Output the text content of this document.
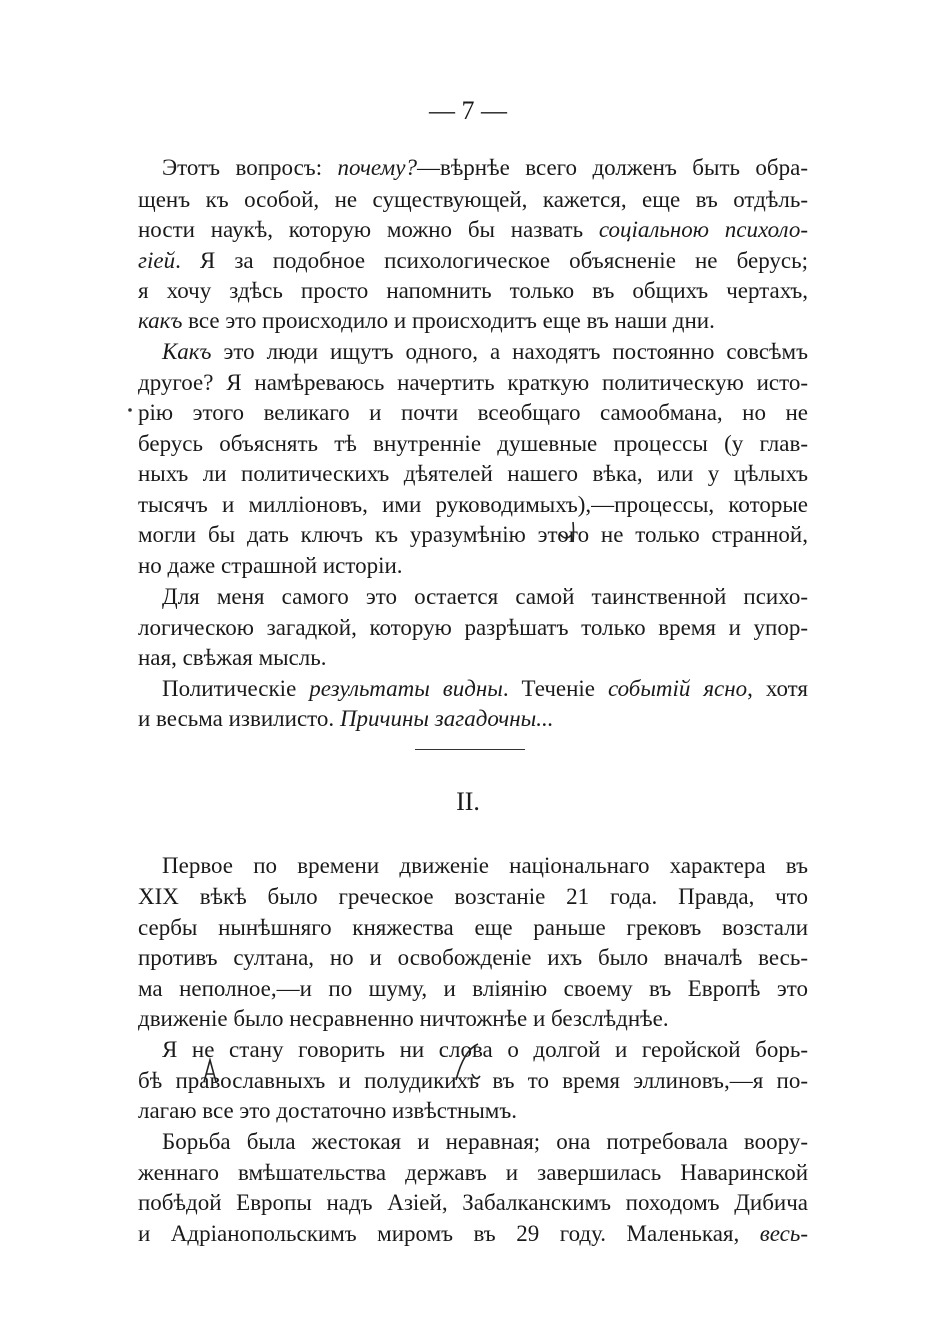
— 7 —
Этотъ вопросъ: почему?—вѣрнѣе всего долженъ быть обра-
щенъ къ особой, не существующей, кажется, еще въ отдѣль-
ности наукѣ, которую можно бы назвать соціальною психоло-
гіей. Я за подобное психологическое объясненіе не берусь;
я хочу здѣсь просто напомнить только въ общихъ чертахъ,
какъ все это происходило и происходитъ еще въ наши дни.
Какъ это люди ищутъ одного, а находятъ постоянно совсѣмъ
другое? Я намѣреваюсь начертить краткую политическую исто-
рію этого великаго и почти всеобщаго самообмана, но не
берусь объяснять тѣ внутренніе душевные процессы (у глав-
ныхъ ли политическихъ дѣятелей нашего вѣка, или у цѣлыхъ
тысячъ и милліоновъ, ими руководимыхъ),—процессы, которые
могли бы дать ключъ къ уразумѣнію этого не только странной,
но даже страшной исторіи.
Для меня самого это остается самой таинственной психо-
логическою загадкой, которую разрѣшатъ только время и упор-
ная, свѣжая мысль.
Политическіе результаты видны. Теченіе событій ясно, хотя
и весьма извилисто. Причины загадочны...
II.
Первое по времени движеніе національнаго характера въ
XIX вѣкѣ было греческое возстаніе 21 года. Правда, что
сербы нынѣшняго княжества еще раньше грековъ возстали
противъ султана, но и освобожденіе ихъ было вначалѣ весь-
ма неполное,—и по шуму, и вліянію своему въ Европѣ это
движеніе было несравненно ничтожнѣе и безслѣднѣе.
Я не стану говорить ни слова о долгой и геройской борь-
бѣ православныхъ и полудикихъ въ то время эллиновъ,—я по-
лагаю все это достаточно извѣстнымъ.
Борьба была жестокая и неравная; она потребовала воору-
женнаго вмѣшательства державъ и завершилась Наваринской
побѣдой Европы надъ Азіей, Забалканскимъ походомъ Дибича
и Адріанопольскимъ миромъ въ 29 году. Маленькая, весь-
